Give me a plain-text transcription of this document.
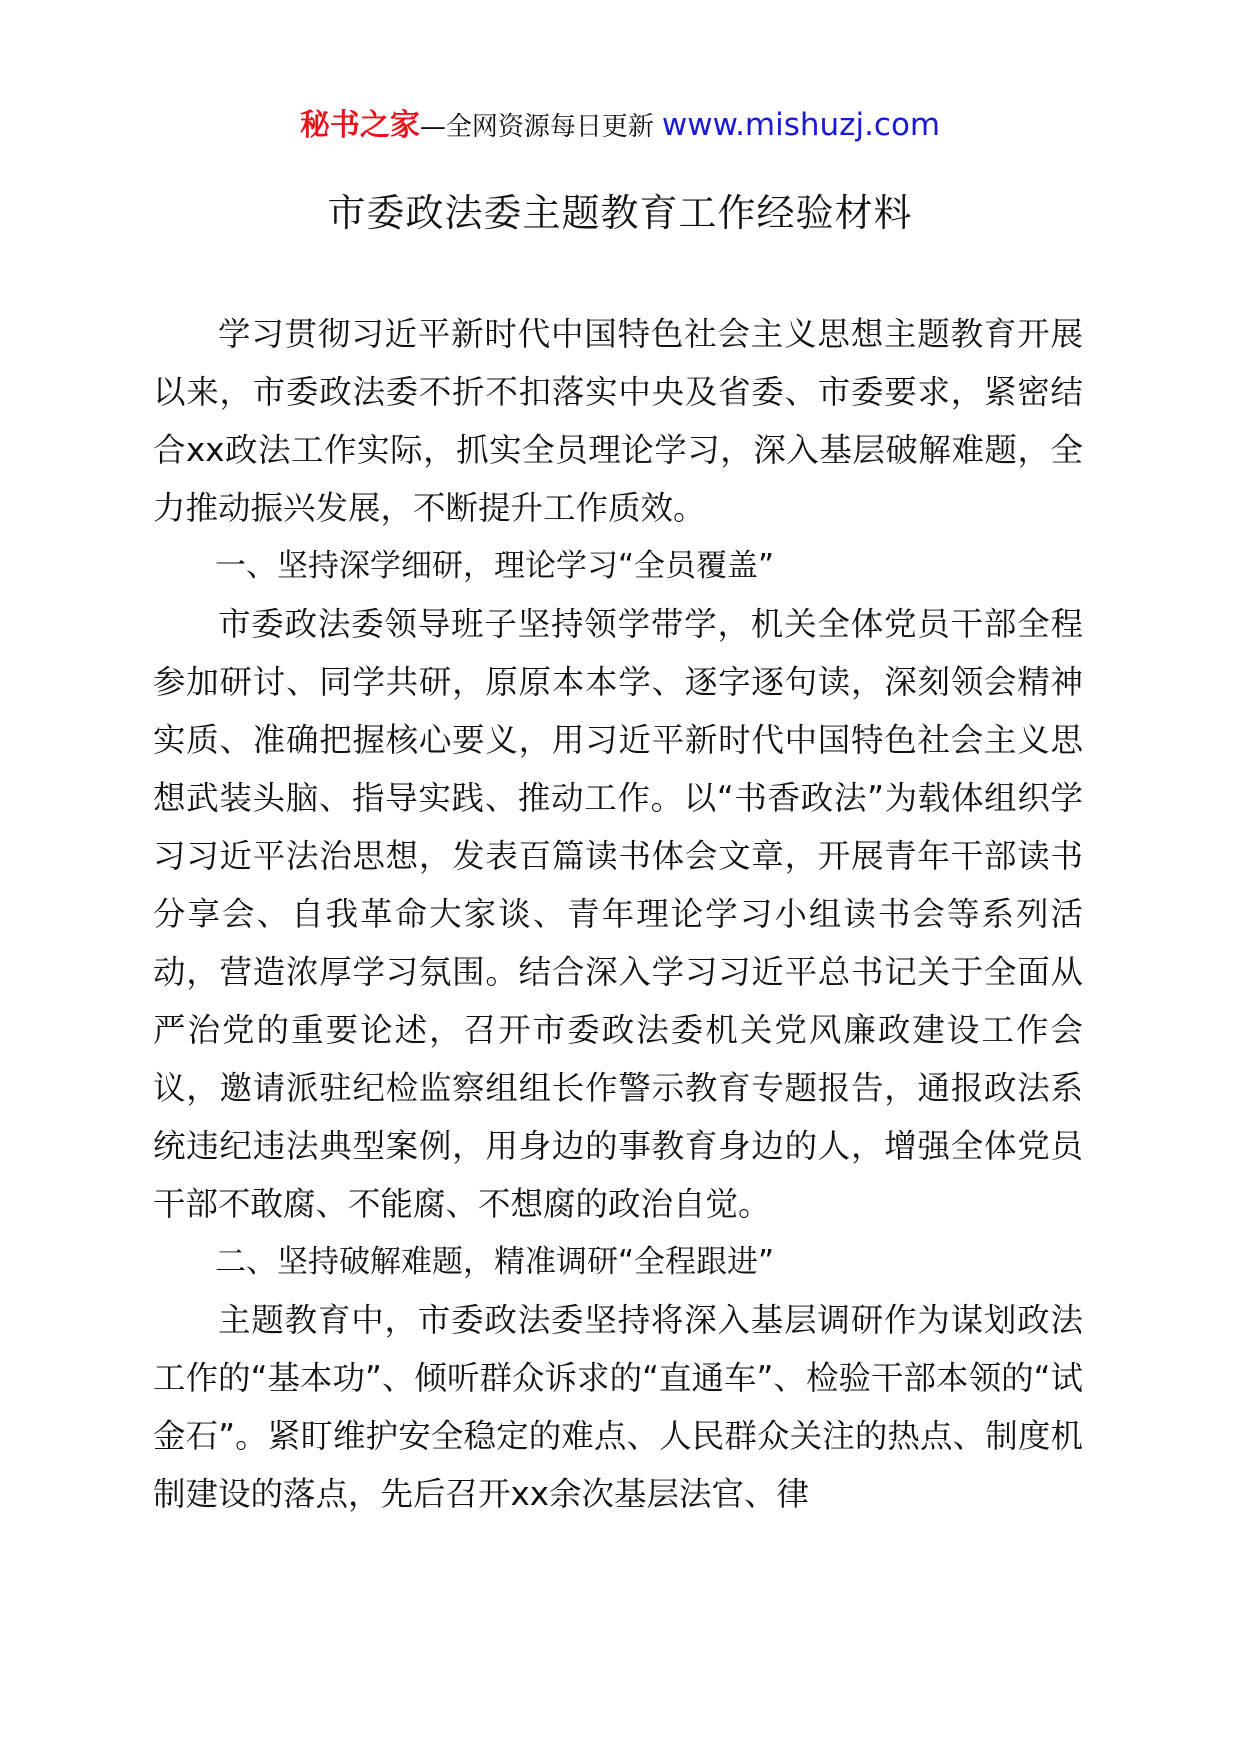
秘书之家—全网资源每日更新 www.mishuzj.com
市委政法委主题教育工作经验材料

学习贯彻习近平新时代中国特色社会主义思想主题教育开展以来，市委政法委不折不扣落实中央及省委、市委要求，紧密结合xx政法工作实际，抓实全员理论学习，深入基层破解难题，全力推动振兴发展，不断提升工作质效。

一、坚持深学细研，理论学习“全员覆盖”

市委政法委领导班子坚持领学带学，机关全体党员干部全程参加研讨、同学共研，原原本本学、逐字逐句读，深刻领会精神实质、准确把握核心要义，用习近平新时代中国特色社会主义思想武装头脑、指导实践、推动工作。以“书香政法”为载体组织学习习近平法治思想，发表百篇读书体会文章，开展青年干部读书分享会、自我革命大家谈、青年理论学习小组读书会等系列活动，营造浓厚学习氛围。结合深入学习习近平总书记关于全面从严治党的重要论述，召开市委政法委机关党风廉政建设工作会议，邀请派驻纪检监察组组长作警示教育专题报告，通报政法系统违纪违法典型案例，用身边的事教育身边的人，增强全体党员干部不敢腐、不能腐、不想腐的政治自觉。

二、坚持破解难题，精准调研“全程跟进”

主题教育中，市委政法委坚持将深入基层调研作为谋划政法工作的“基本功”、倾听群众诉求的“直通车”、检验干部本领的“试金石”。紧盯维护安全稳定的难点、人民群众关注的热点、制度机制建设的落点，先后召开xx余次基层法官、律
